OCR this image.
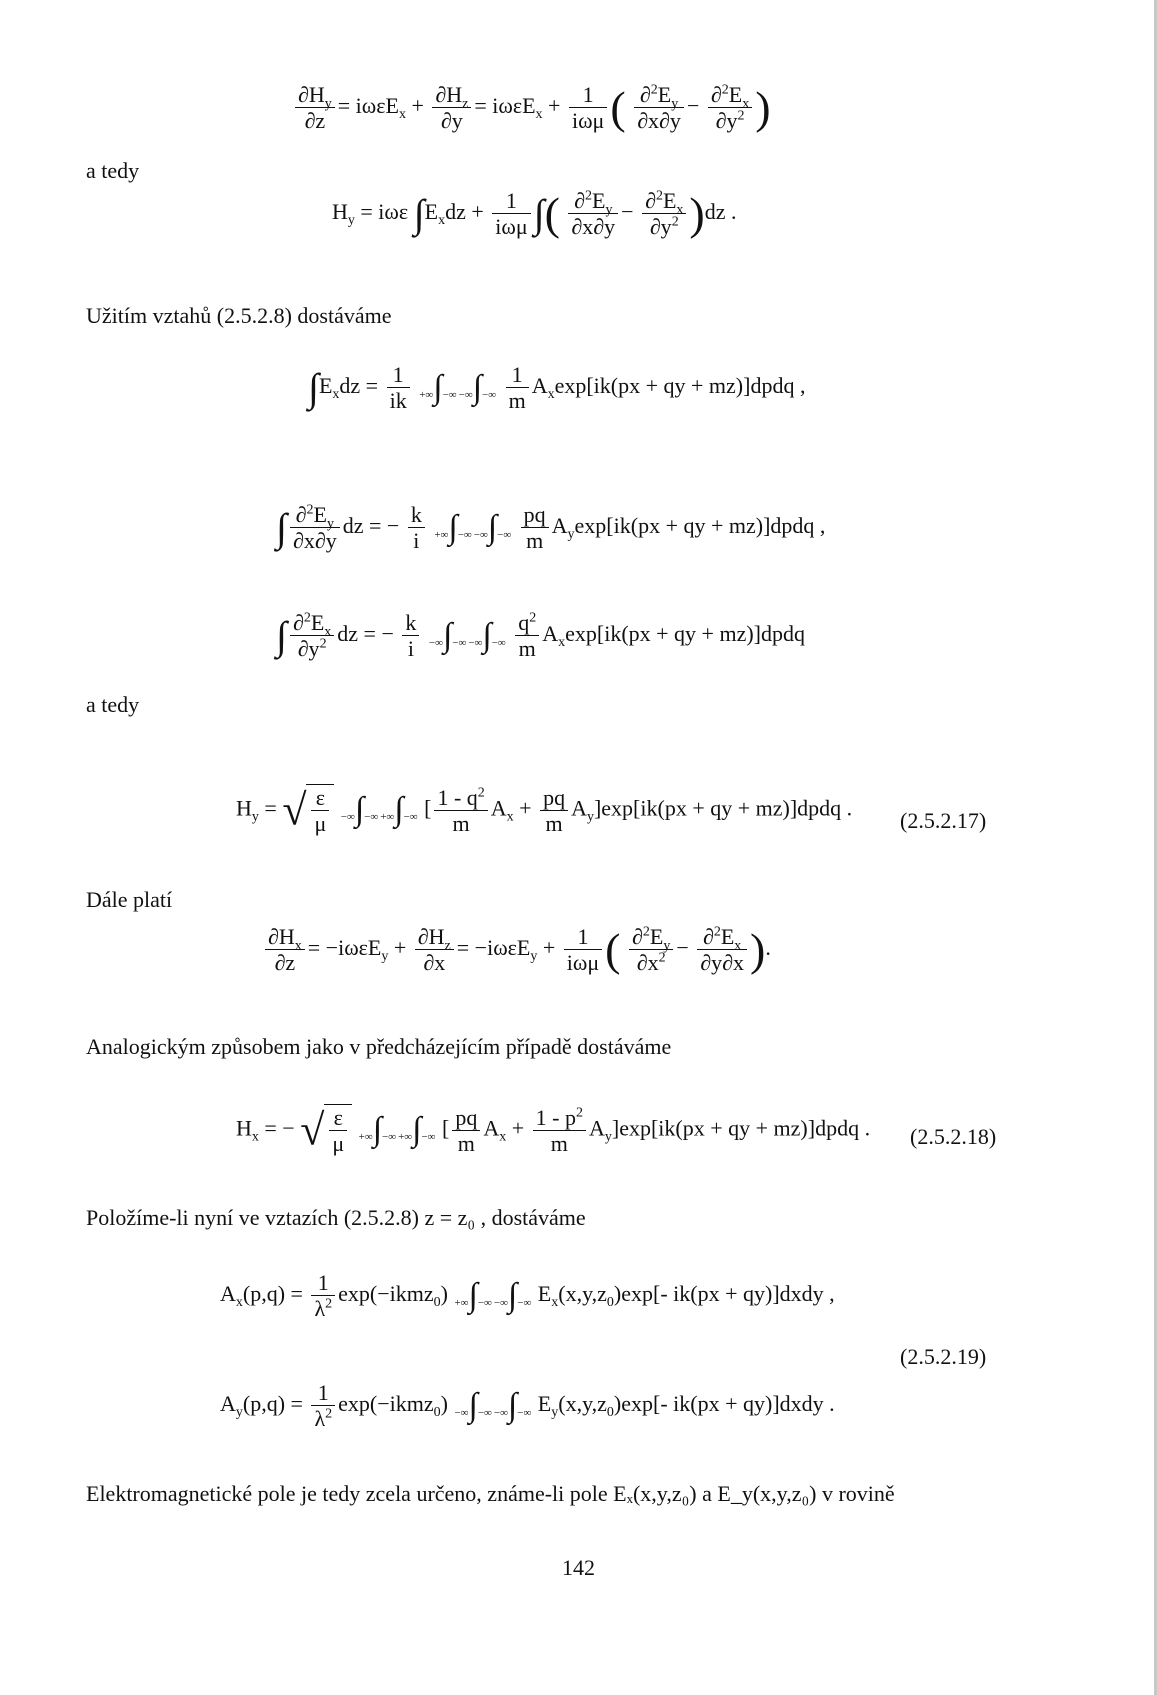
$\frac{\partial H_y}{\partial z} = i\omega\varepsilon E_x + \frac{\partial H_z}{\partial y} = i\omega\varepsilon E_x + 1$
iωμ ( $\frac{\partial^2E_y}{\partial x\partial y} - \frac{\partial^2E_x}{\partial y^2}$ )
a tedy
$H_y = i\omega\varepsilon$ $\int E_xdz + 1$
iωμ ∫( $\frac{\partial^2E_y}{\partial x\partial y} - \frac{\partial^2E_x}{\partial y^2} )dz$ .
Užitím vztahů (2.5.2.8) dostáváme
$\int E_xdz = \frac{1}{ik}$ +∞∫−∞ −∞∫−∞ $\frac{1}{m} A_x\exp[ik(px$ + qy + mz)]dpdq ,
∫ $\frac{\partial^2E_y}{\partial x\partial y}$ dz = − $\frac{k}{i}$ +∞∫−∞ −∞∫−∞ $\frac{pq}{m} A_y\exp[ik(px$ + qy + mz)]dpdq ,
∫ $\frac{\partial^2E_x}{\partial y^2}$ dz = − $\frac{k}{i}$ −∞∫−∞ −∞∫−∞ $\frac{q^2}{m} A_x\exp[ik(px$ + qy + mz)]dpdq
a tedy
$H_y$ = √ $\frac{\varepsilon}{\mu}$ −∞∫−∞ +∞∫−∞ [ $\frac{1 - q^2}{m} A_x + \frac{pq}{m} A_y]\exp[ik(px$ + qy + mz)]dpdq .
(2.5.2.17)
Dále platí
$\frac{\partial H_x}{\partial z} = -i\omega\varepsilon E_y + \frac{\partial H_z}{\partial x} = -i\omega\varepsilon E_y + 1$
iωμ ( $\frac{\partial^2E_y}{\partial x^2} - \frac{\partial^2E_x}{\partial y\partial x}$ ).
Analogickým způsobem jako v předcházejícím případě dostáváme
$H_x$ = − √ $\frac{\varepsilon}{\mu}$ +∞∫−∞ +∞∫−∞ [ $\frac{pq}{m} A_x + \frac{1 - p^2}{m} A_y]\exp[ik(px$ + qy + mz)]dpdq . (2.5.2.18)
Položíme-li nyní ve vztazích (2.5.2.8) z = z₀ , dostáváme
$A_x(p,q) = \frac{1}{\lambda^2}$ exp(−ikmz$_0$) +∞∫−∞ −∞∫−∞ $E_x(x,y,z_0)\exp[-$ ik(px + qy)]dxdy ,
(2.5.2.19)
$A_y(p,q) = \frac{1}{\lambda^2}$ exp(−ikmz$_0$) −∞∫−∞ −∞∫−∞ $E_y(x,y,z_0)\exp[-$ ik(px + qy)]dxdy .
Elektromagnetické pole je tedy zcela určeno, známe-li pole Eₓ(x,y,z₀) a E_y(x,y,z₀) v rovině
142
